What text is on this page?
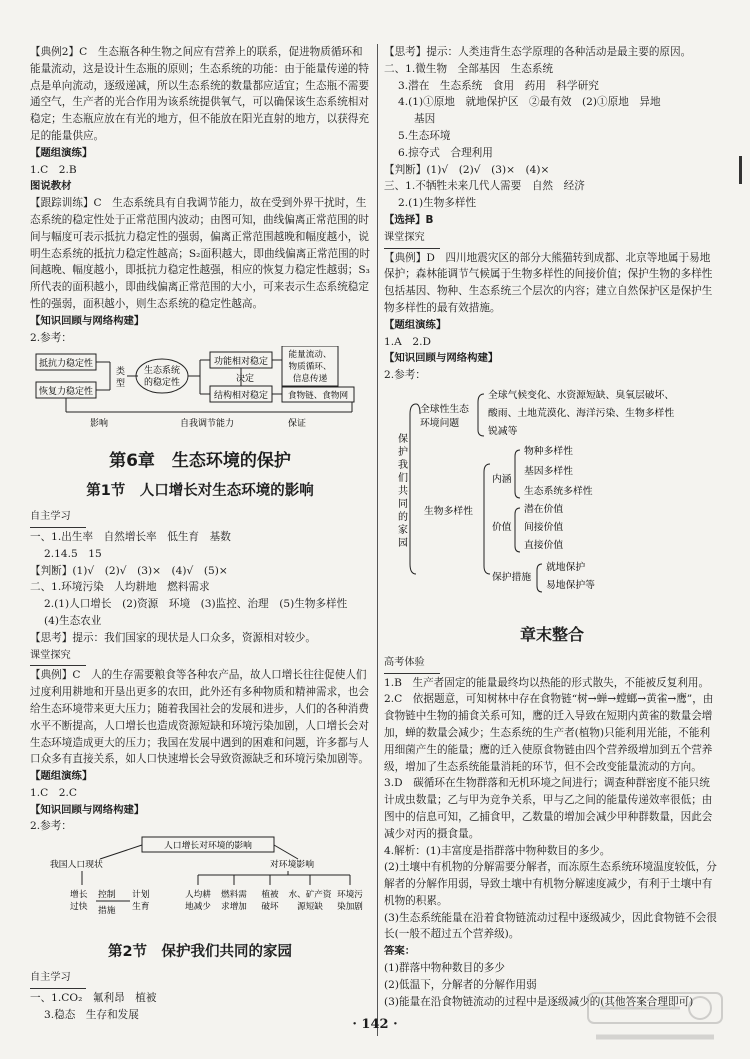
【典例2】C　生态瓶各种生物之间应有营养上的联系，促进物质循环和能量流动，这是设计生态瓶的原则；生态系统的功能：由于能量传递的特点是单向流动，逐级递减，所以生态系统的数量都应适宜；生态瓶不需要通空气，生产者的光合作用为该系统提供氧气，可以确保该生态系统相对稳定；生态瓶应放在有光的地方，但不能放在阳光直射的地方，以获得充足的能量供应。

【题组演练】

1.C　2.B

图说教材

【跟踪训练】C　生态系统具有自我调节能力，故在受到外界干扰时，生态系统的稳定性处于正常范围内波动；由图可知，曲线偏离正常范围的时间与幅度可表示抵抗力稳定性的强弱，偏离正常范围越晚和幅度越小，说明生态系统的抵抗力稳定性越高；S₂面积越大，即曲线偏离正常范围的时间越晚、幅度越小，即抵抗力稳定性越强，相应的恢复力稳定性越弱；S₃所代表的面积越小，即曲线偏离正常范围的大小，可来表示生态系统稳定性的强弱，面积越小，则生态系统的稳定性越高。

【知识回顾与网络构建】

2.参考：

抵抗力稳定性
恢复力稳定性
类
型
生态系统
的稳定性
功能相对稳定
结构相对稳定
决定
能量流动、
物质循环、
信息传递
食物链、食物网
影响	自我调节能力	保证
第6章　生态环境的保护
第1节　人口增长对生态环境的影响
自主学习

一、1.出生率　自然增长率　低生育　基数

2.14.5　15

【判断】(1)√　(2)√　(3)×　(4)√　(5)×

二、1.环境污染　人均耕地　燃料需求

2.(1)人口增长　(2)资源　环境　(3)监控、治理　(5)生物多样性

(4)生态农业

【思考】提示：我们国家的现状是人口众多，资源相对较少。

课堂探究

【典例】C　人的生存需要粮食等各种农产品，故人口增长往往促使人们过度利用耕地和开垦出更多的农田，此外还有多种物质和精神需求，也会给生态环境带来更大压力；随着我国社会的发展和进步，人们的各种消费水平不断提高，人口增长也造成资源短缺和环境污染加剧，人口增长会对生态环境造成更大的压力；我国在发展中遇到的困难和问题，许多都与人口众多有直接关系，如人口快速增长会导致资源缺乏和环境污染加剧等。

【题组演练】

1.C　2.C

【知识回顾与网络构建】

2.参考：

人口增长对环境的影响
我国人口现状	对环境影响
增长
过快
控制
措施
计划
生育
人均耕
地减少
燃料需
求增加
植被
破坏
水、矿产资
源短缺
环境污
染加剧
第2节　保护我们共同的家园
自主学习

一、1.CO₂　氟利昂　植被

3.稳态　生存和发展

【思考】提示：人类违背生态学原理的各种活动是最主要的原因。

二、1.微生物　全部基因　生态系统

3.潜在　生态系统　食用　药用　科学研究

4.(1)①原地　就地保护区　②最有效　(2)①原地　异地

基因

5.生态环境

6.掠夺式　合理利用

【判断】(1)√　(2)√　(3)×　(4)×

三、1.不牺牲未来几代人需要　自然　经济

2.(1)生物多样性

【选择】B

课堂探究

【典例】D　四川地震灾区的部分大熊猫转到成都、北京等地属于易地保护；森林能调节气候属于生物多样性的间接价值；保护生物的多样性包括基因、物种、生态系统三个层次的内容；建立自然保护区是保护生物多样性的最有效措施。

【题组演练】

1.A　2.D

【知识回顾与网络构建】

2.参考：

保 护 我 们 共 同 的 家 园
全球性生态
环境问题
全球气候变化、水资源短缺、臭氧层破坏、
酸雨、土地荒漠化、海洋污染、生物多样性
锐减等
生物多样性
内涵
物种多样性
基因多样性
生态系统多样性
价值
潜在价值
间接价值
直接价值
保护措施
就地保护
易地保护等
章末整合
高考体验

1.B　生产者固定的能量最终均以热能的形式散失，不能被反复利用。

2.C　依据题意，可知树林中存在食物链“树→蝉→螳螂→黄雀→鹰”，由食物链中生物的捕食关系可知，鹰的迁入导致在短期内黄雀的数量会增加，蝉的数量会减少；生态系统的生产者(植物)只能利用光能，不能利用细菌产生的能量；鹰的迁入使原食物链由四个营养级增加到五个营养级，增加了生态系统能量消耗的环节，但不会改变能量流动的方向。

3.D　碳循环在生物群落和无机环境之间进行；调查种群密度不能只统计成虫数量；乙与甲为竞争关系，甲与乙之间的能量传递效率很低；由图中的信息可知，乙捕食甲，乙数量的增加会减少甲种群数量，因此会减少对丙的摄食量。

4.解析：(1)丰富度是指群落中物种数目的多少。

(2)土壤中有机物的分解需要分解者，而冻原生态系统环境温度较低，分解者的分解作用弱，导致土壤中有机物分解速度减少，有利于土壤中有机物的积累。

(3)生态系统能量在沿着食物链流动过程中逐级减少，因此食物链不会很长(一般不超过五个营养级)。

答案：

(1)群落中物种数目的多少

(2)低温下，分解者的分解作用弱

(3)能量在沿食物链流动的过程中是逐级减少的(其他答案合理即可)

· 142 ·
